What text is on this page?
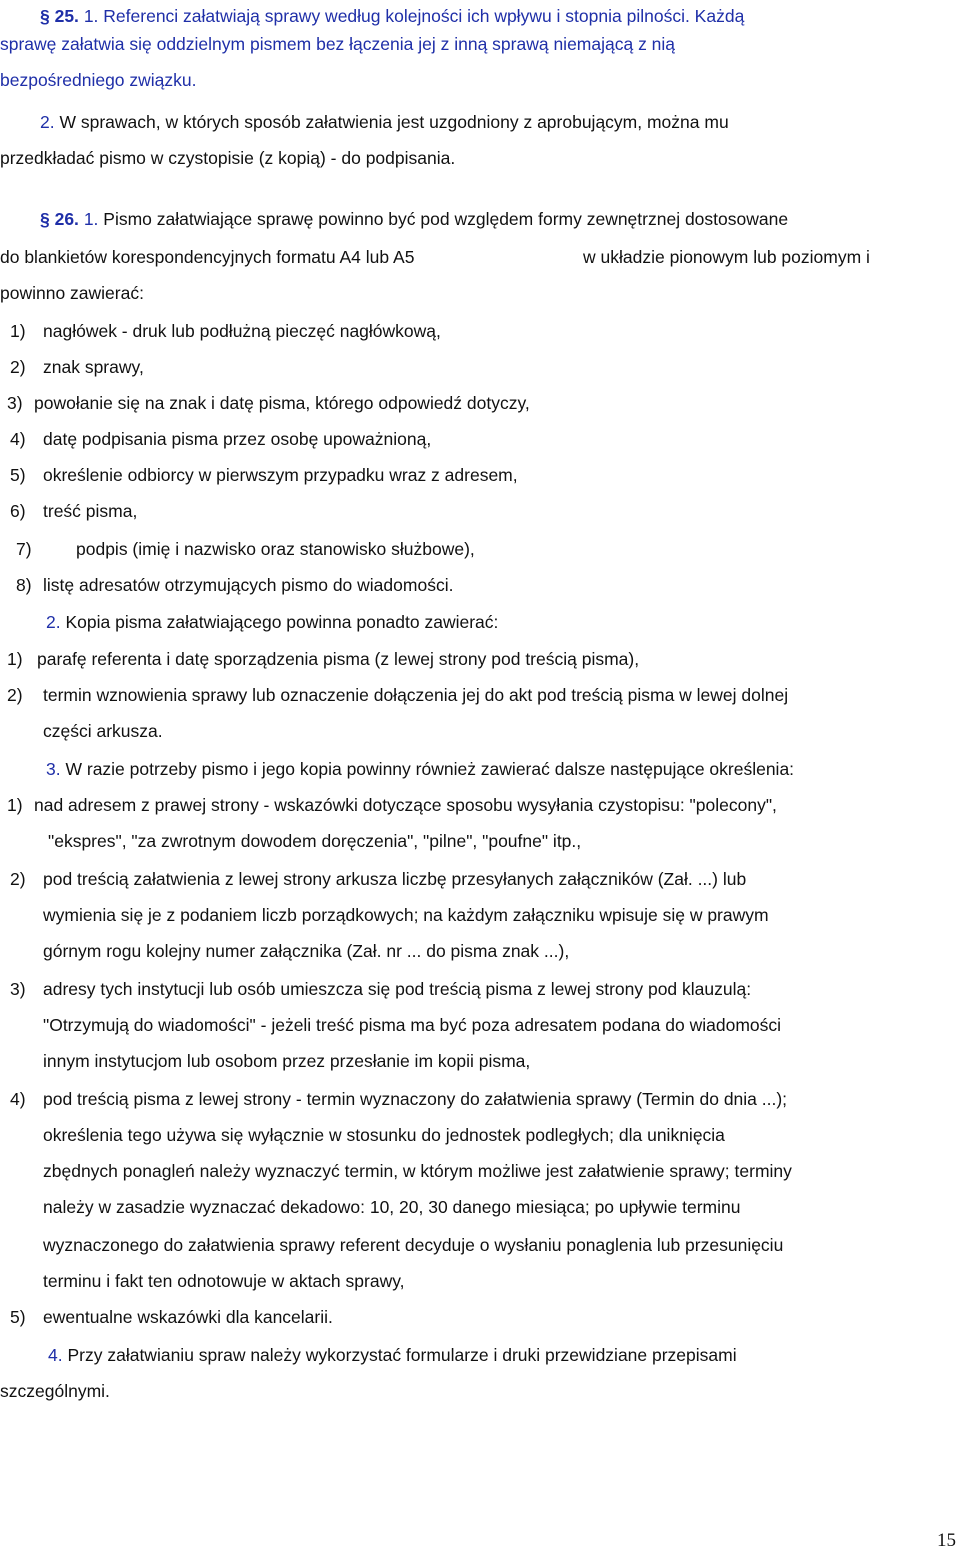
§ 25. 1. Referenci załatwiają sprawy według kolejności ich wpływu i stopnia pilności. Każdą
sprawę załatwia się oddzielnym pismem bez łączenia jej z inną sprawą niemającą z nią
bezpośredniego związku.
2. W sprawach, w których sposób załatwienia jest uzgodniony z aprobującym, można mu
przedkładać pismo w czystopisie (z kopią) - do podpisania.
§ 26. 1. Pismo załatwiające sprawę powinno być pod względem formy zewnętrznej dostosowane
do blankietów korespondencyjnych formatu A4 lub A5	w układzie pionowym lub poziomym i
powinno zawierać:
1) nagłówek - druk lub podłużną pieczęć nagłówkową,
2) znak sprawy,
3) powołanie się na znak i datę pisma, którego odpowiedź dotyczy,
4) datę podpisania pisma przez osobę upoważnioną,
5) określenie odbiorcy w pierwszym przypadku wraz z adresem,
6) treść pisma,
7)	podpis (imię i nazwisko oraz stanowisko służbowe),
8) listę adresatów otrzymujących pismo do wiadomości.
2. Kopia pisma załatwiającego powinna ponadto zawierać:
1) parafę referenta i datę sporządzenia pisma (z lewej strony pod treścią pisma),
2) termin wznowienia sprawy lub oznaczenie dołączenia jej do akt pod treścią pisma w lewej dolnej
części arkusza.
3. W razie potrzeby pismo i jego kopia powinny również zawierać dalsze następujące określenia:
1) nad adresem z prawej strony - wskazówki dotyczące sposobu wysyłania czystopisu: "polecony",
"ekspres", "za zwrotnym dowodem doręczenia", "pilne", "poufne" itp.,
2) pod treścią załatwienia z lewej strony arkusza liczbę przesyłanych załączników (Zał. ...) lub
wymienia się je z podaniem liczb porządkowych; na każdym załączniku wpisuje się w prawym
górnym rogu kolejny numer załącznika (Zał. nr ... do pisma znak ...),
3) adresy tych instytucji lub osób umieszcza się pod treścią pisma z lewej strony pod klauzulą:
"Otrzymują do wiadomości" - jeżeli treść pisma ma być poza adresatem podana do wiadomości
innym instytucjom lub osobom przez przesłanie im kopii pisma,
4) pod treścią pisma z lewej strony - termin wyznaczony do załatwienia sprawy (Termin do dnia ...);
określenia tego używa się wyłącznie w stosunku do jednostek podległych; dla uniknięcia
zbędnych ponagleń należy wyznaczyć termin, w którym możliwe jest załatwienie sprawy; terminy
należy w zasadzie wyznaczać dekadowo: 10, 20, 30 danego miesiąca; po upływie terminu
wyznaczonego do załatwienia sprawy referent decyduje o wysłaniu ponaglenia lub przesunięciu
terminu i fakt ten odnotowuje w aktach sprawy,
5) ewentualne wskazówki dla kancelarii.
4. Przy załatwianiu spraw należy wykorzystać formularze i druki przewidziane przepisami
szczególnymi.
15
